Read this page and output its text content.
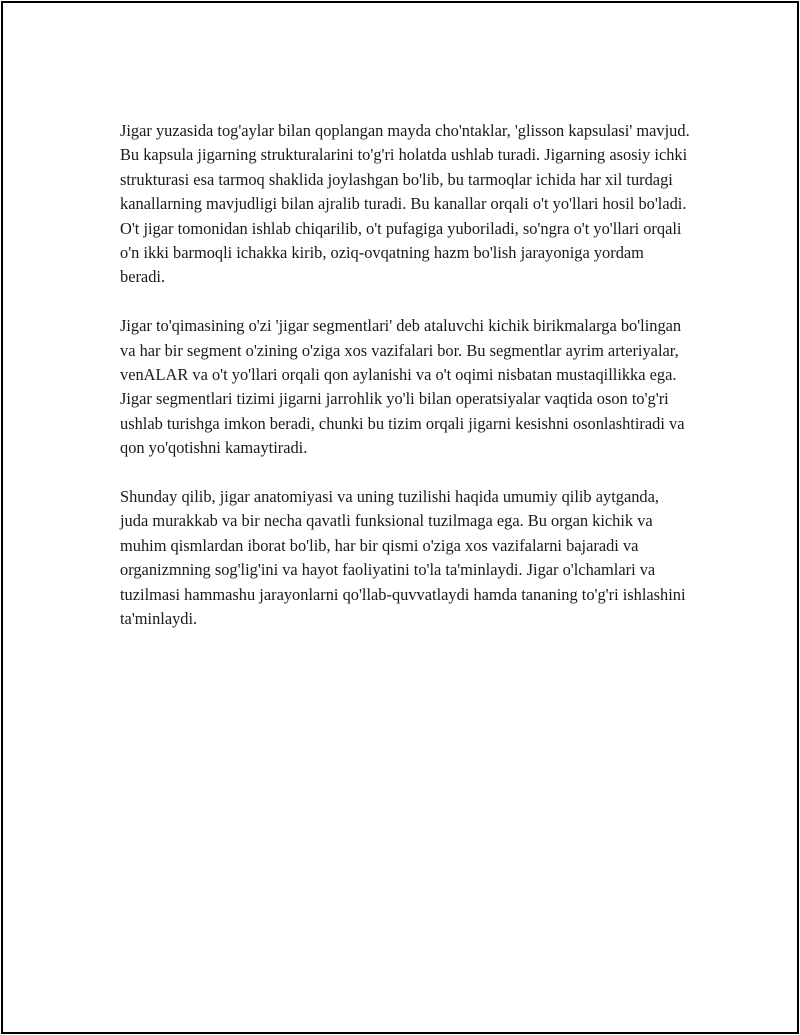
Jigar yuzasida tog'aylar bilan qoplangan mayda cho'ntaklar, 'glisson kapsulasi' mavjud. Bu kapsula jigarning strukturalarini to'g'ri holatda ushlab turadi. Jigarning asosiy ichki strukturasi esa tarmoq shaklida joylashgan bo'lib, bu tarmoqlar ichida har xil turdagi kanallarning mavjudligi bilan ajralib turadi. Bu kanallar orqali o't yo'llari hosil bo'ladi. O't jigar tomonidan ishlab chiqarilib, o't pufagiga yuboriladi, so'ngra o't yo'llari orqali o'n ikki barmoqli ichakka kirib, oziq-ovqatning hazm bo'lish jarayoniga yordam beradi.

Jigar to'qimasining o'zi 'jigar segmentlari' deb ataluvchi kichik birikmalarga bo'lingan va har bir segment o'zining o'ziga xos vazifalari bor. Bu segmentlar ayrim arteriyalar, venALAR va o't yo'llari orqali qon aylanishi va o't oqimi nisbatan mustaqillikka ega. Jigar segmentlari tizimi jigarni jarrohlik yo'li bilan operatsiyalar vaqtida oson to'g'ri ushlab turishga imkon beradi, chunki bu tizim orqali jigarni kesishni osonlashtiradi va qon yo'qotishni kamaytiradi.

Shunday qilib, jigar anatomiyasi va uning tuzilishi haqida umumiy qilib aytganda, juda murakkab va bir necha qavatli funksional tuzilmaga ega. Bu organ kichik va muhim qismlardan iborat bo'lib, har bir qismi o'ziga xos vazifalarni bajaradi va organizmning sog'lig'ini va hayot faoliyatini to'la ta'minlaydi. Jigar o'lchamlari va tuzilmasi hammashu jarayonlarni qo'llab-quvvatlaydi hamda tananing to'g'ri ishlashini ta'minlaydi.
